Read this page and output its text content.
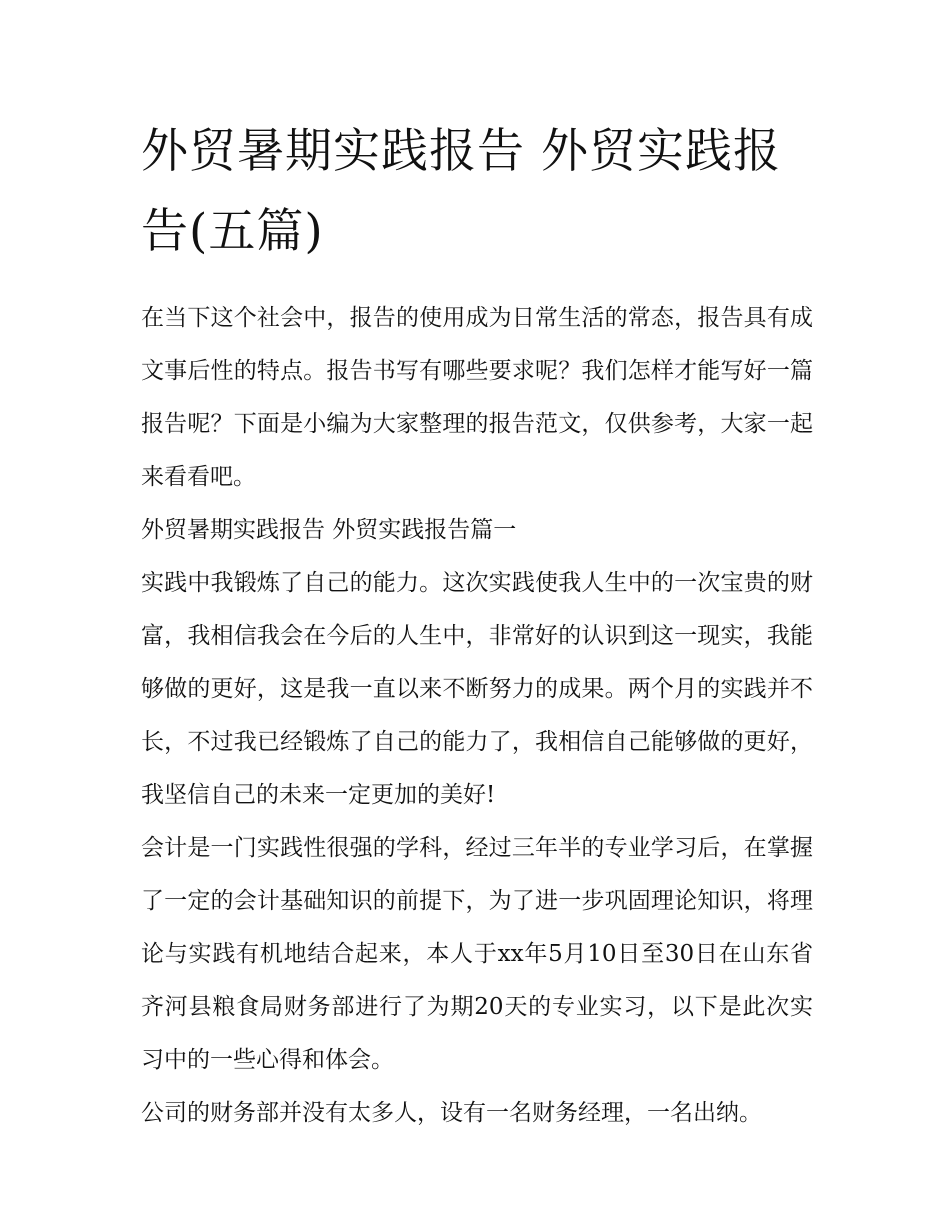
外贸暑期实践报告 外贸实践报告(五篇)

在当下这个社会中，报告的使用成为日常生活的常态，报告具有成文事后性的特点。报告书写有哪些要求呢？我们怎样才能写好一篇报告呢？下面是小编为大家整理的报告范文，仅供参考，大家一起来看看吧。

外贸暑期实践报告 外贸实践报告篇一

实践中我锻炼了自己的能力。这次实践使我人生中的一次宝贵的财富，我相信我会在今后的人生中，非常好的认识到这一现实，我能够做的更好，这是我一直以来不断努力的成果。两个月的实践并不长，不过我已经锻炼了自己的能力了，我相信自己能够做的更好，我坚信自己的未来一定更加的美好!

会计是一门实践性很强的学科，经过三年半的专业学习后，在掌握了一定的会计基础知识的前提下，为了进一步巩固理论知识，将理论与实践有机地结合起来，本人于xx年5月10日至30日在山东省齐河县粮食局财务部进行了为期20天的专业实习，以下是此次实习中的一些心得和体会。

公司的财务部并没有太多人，设有一名财务经理，一名出纳。
